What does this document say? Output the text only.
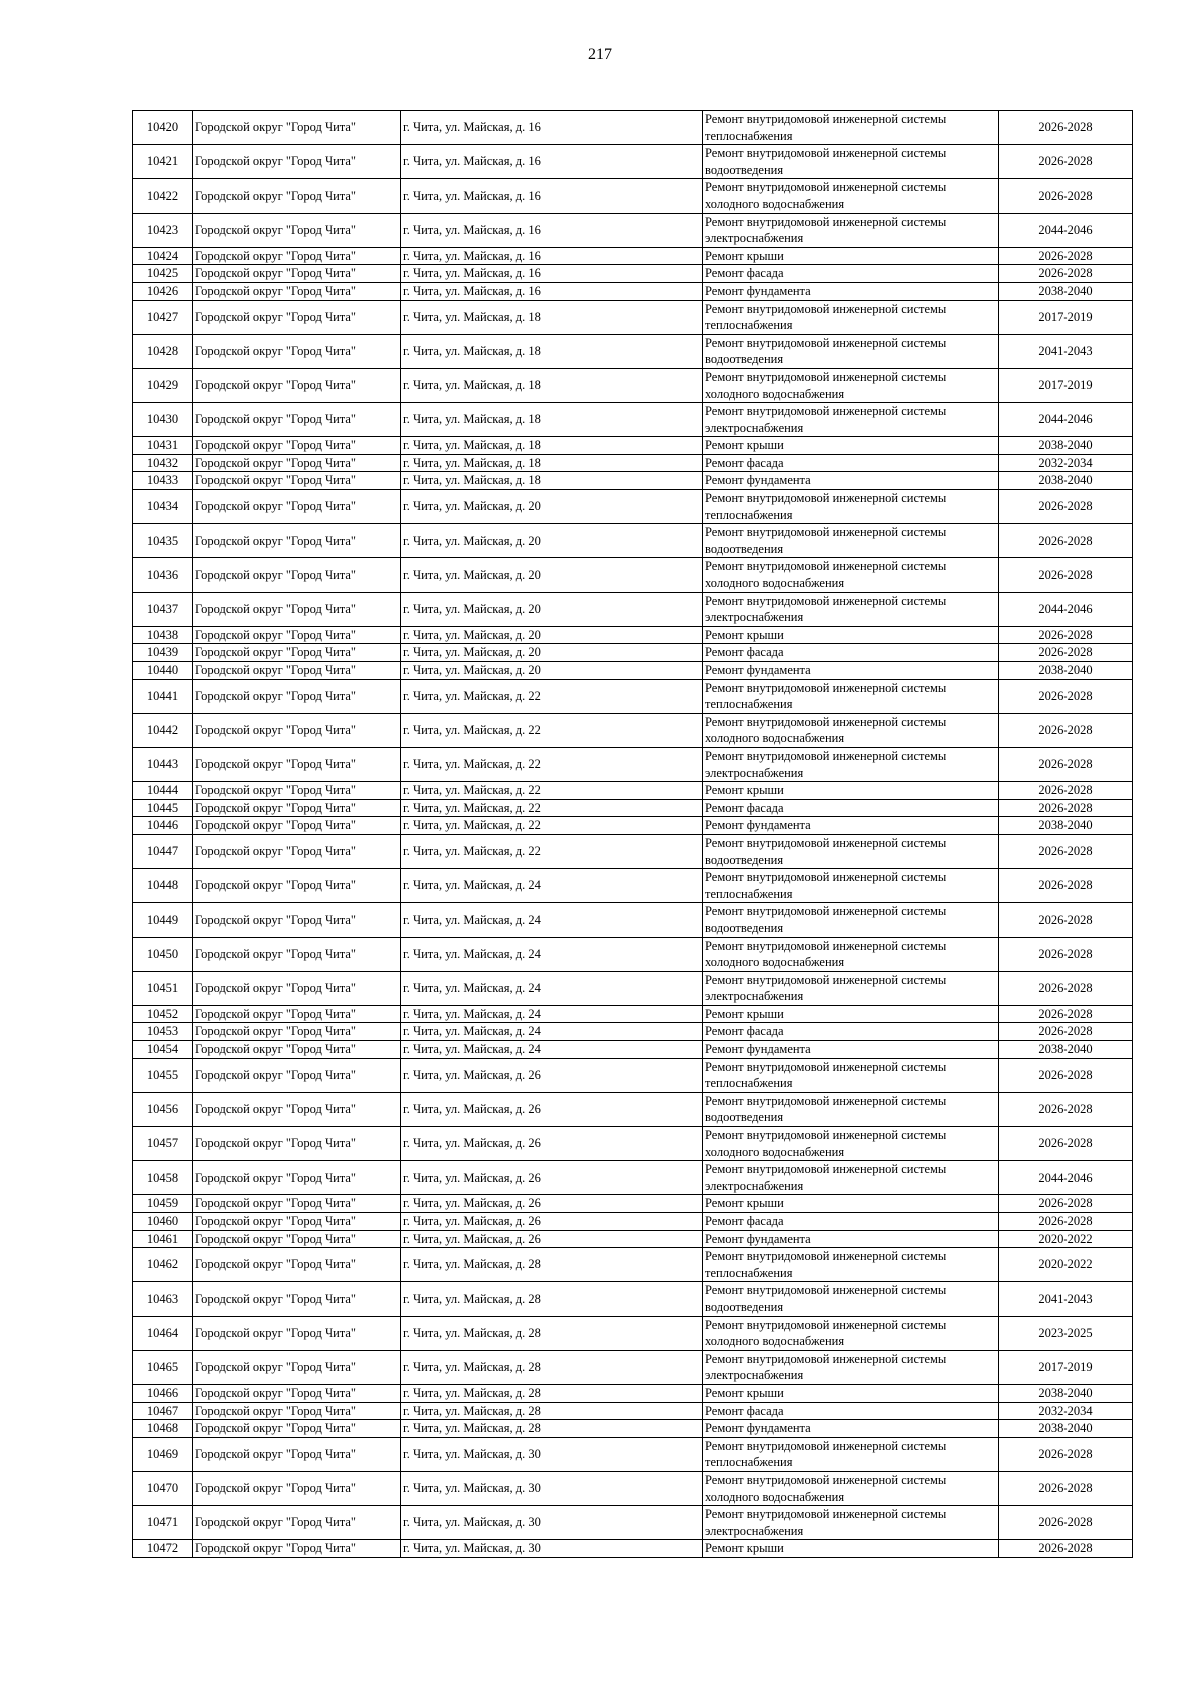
217
10420	Городской округ "Город Чита"	г. Чита, ул. Майская, д. 16	Ремонт внутридомовой инженерной системы теплоснабжения	2026-2028
10421	Городской округ "Город Чита"	г. Чита, ул. Майская, д. 16	Ремонт внутридомовой инженерной системы водоотведения	2026-2028
10422	Городской округ "Город Чита"	г. Чита, ул. Майская, д. 16	Ремонт внутридомовой инженерной системы холодного водоснабжения	2026-2028
10423	Городской округ "Город Чита"	г. Чита, ул. Майская, д. 16	Ремонт внутридомовой инженерной системы электроснабжения	2044-2046
10424	Городской округ "Город Чита"	г. Чита, ул. Майская, д. 16	Ремонт крыши	2026-2028
10425	Городской округ "Город Чита"	г. Чита, ул. Майская, д. 16	Ремонт фасада	2026-2028
10426	Городской округ "Город Чита"	г. Чита, ул. Майская, д. 16	Ремонт фундамента	2038-2040
10427	Городской округ "Город Чита"	г. Чита, ул. Майская, д. 18	Ремонт внутридомовой инженерной системы теплоснабжения	2017-2019
10428	Городской округ "Город Чита"	г. Чита, ул. Майская, д. 18	Ремонт внутридомовой инженерной системы водоотведения	2041-2043
10429	Городской округ "Город Чита"	г. Чита, ул. Майская, д. 18	Ремонт внутридомовой инженерной системы холодного водоснабжения	2017-2019
10430	Городской округ "Город Чита"	г. Чита, ул. Майская, д. 18	Ремонт внутридомовой инженерной системы электроснабжения	2044-2046
10431	Городской округ "Город Чита"	г. Чита, ул. Майская, д. 18	Ремонт крыши	2038-2040
10432	Городской округ "Город Чита"	г. Чита, ул. Майская, д. 18	Ремонт фасада	2032-2034
10433	Городской округ "Город Чита"	г. Чита, ул. Майская, д. 18	Ремонт фундамента	2038-2040
10434	Городской округ "Город Чита"	г. Чита, ул. Майская, д. 20	Ремонт внутридомовой инженерной системы теплоснабжения	2026-2028
10435	Городской округ "Город Чита"	г. Чита, ул. Майская, д. 20	Ремонт внутридомовой инженерной системы водоотведения	2026-2028
10436	Городской округ "Город Чита"	г. Чита, ул. Майская, д. 20	Ремонт внутридомовой инженерной системы холодного водоснабжения	2026-2028
10437	Городской округ "Город Чита"	г. Чита, ул. Майская, д. 20	Ремонт внутридомовой инженерной системы электроснабжения	2044-2046
10438	Городской округ "Город Чита"	г. Чита, ул. Майская, д. 20	Ремонт крыши	2026-2028
10439	Городской округ "Город Чита"	г. Чита, ул. Майская, д. 20	Ремонт фасада	2026-2028
10440	Городской округ "Город Чита"	г. Чита, ул. Майская, д. 20	Ремонт фундамента	2038-2040
10441	Городской округ "Город Чита"	г. Чита, ул. Майская, д. 22	Ремонт внутридомовой инженерной системы теплоснабжения	2026-2028
10442	Городской округ "Город Чита"	г. Чита, ул. Майская, д. 22	Ремонт внутридомовой инженерной системы холодного водоснабжения	2026-2028
10443	Городской округ "Город Чита"	г. Чита, ул. Майская, д. 22	Ремонт внутридомовой инженерной системы электроснабжения	2026-2028
10444	Городской округ "Город Чита"	г. Чита, ул. Майская, д. 22	Ремонт крыши	2026-2028
10445	Городской округ "Город Чита"	г. Чита, ул. Майская, д. 22	Ремонт фасада	2026-2028
10446	Городской округ "Город Чита"	г. Чита, ул. Майская, д. 22	Ремонт фундамента	2038-2040
10447	Городской округ "Город Чита"	г. Чита, ул. Майская, д. 22	Ремонт внутридомовой инженерной системы водоотведения	2026-2028
10448	Городской округ "Город Чита"	г. Чита, ул. Майская, д. 24	Ремонт внутридомовой инженерной системы теплоснабжения	2026-2028
10449	Городской округ "Город Чита"	г. Чита, ул. Майская, д. 24	Ремонт внутридомовой инженерной системы водоотведения	2026-2028
10450	Городской округ "Город Чита"	г. Чита, ул. Майская, д. 24	Ремонт внутридомовой инженерной системы холодного водоснабжения	2026-2028
10451	Городской округ "Город Чита"	г. Чита, ул. Майская, д. 24	Ремонт внутридомовой инженерной системы электроснабжения	2026-2028
10452	Городской округ "Город Чита"	г. Чита, ул. Майская, д. 24	Ремонт крыши	2026-2028
10453	Городской округ "Город Чита"	г. Чита, ул. Майская, д. 24	Ремонт фасада	2026-2028
10454	Городской округ "Город Чита"	г. Чита, ул. Майская, д. 24	Ремонт фундамента	2038-2040
10455	Городской округ "Город Чита"	г. Чита, ул. Майская, д. 26	Ремонт внутридомовой инженерной системы теплоснабжения	2026-2028
10456	Городской округ "Город Чита"	г. Чита, ул. Майская, д. 26	Ремонт внутридомовой инженерной системы водоотведения	2026-2028
10457	Городской округ "Город Чита"	г. Чита, ул. Майская, д. 26	Ремонт внутридомовой инженерной системы холодного водоснабжения	2026-2028
10458	Городской округ "Город Чита"	г. Чита, ул. Майская, д. 26	Ремонт внутридомовой инженерной системы электроснабжения	2044-2046
10459	Городской округ "Город Чита"	г. Чита, ул. Майская, д. 26	Ремонт крыши	2026-2028
10460	Городской округ "Город Чита"	г. Чита, ул. Майская, д. 26	Ремонт фасада	2026-2028
10461	Городской округ "Город Чита"	г. Чита, ул. Майская, д. 26	Ремонт фундамента	2020-2022
10462	Городской округ "Город Чита"	г. Чита, ул. Майская, д. 28	Ремонт внутридомовой инженерной системы теплоснабжения	2020-2022
10463	Городской округ "Город Чита"	г. Чита, ул. Майская, д. 28	Ремонт внутридомовой инженерной системы водоотведения	2041-2043
10464	Городской округ "Город Чита"	г. Чита, ул. Майская, д. 28	Ремонт внутридомовой инженерной системы холодного водоснабжения	2023-2025
10465	Городской округ "Город Чита"	г. Чита, ул. Майская, д. 28	Ремонт внутридомовой инженерной системы электроснабжения	2017-2019
10466	Городской округ "Город Чита"	г. Чита, ул. Майская, д. 28	Ремонт крыши	2038-2040
10467	Городской округ "Город Чита"	г. Чита, ул. Майская, д. 28	Ремонт фасада	2032-2034
10468	Городской округ "Город Чита"	г. Чита, ул. Майская, д. 28	Ремонт фундамента	2038-2040
10469	Городской округ "Город Чита"	г. Чита, ул. Майская, д. 30	Ремонт внутридомовой инженерной системы теплоснабжения	2026-2028
10470	Городской округ "Город Чита"	г. Чита, ул. Майская, д. 30	Ремонт внутридомовой инженерной системы холодного водоснабжения	2026-2028
10471	Городской округ "Город Чита"	г. Чита, ул. Майская, д. 30	Ремонт внутридомовой инженерной системы электроснабжения	2026-2028
10472	Городской округ "Город Чита"	г. Чита, ул. Майская, д. 30	Ремонт крыши	2026-2028
